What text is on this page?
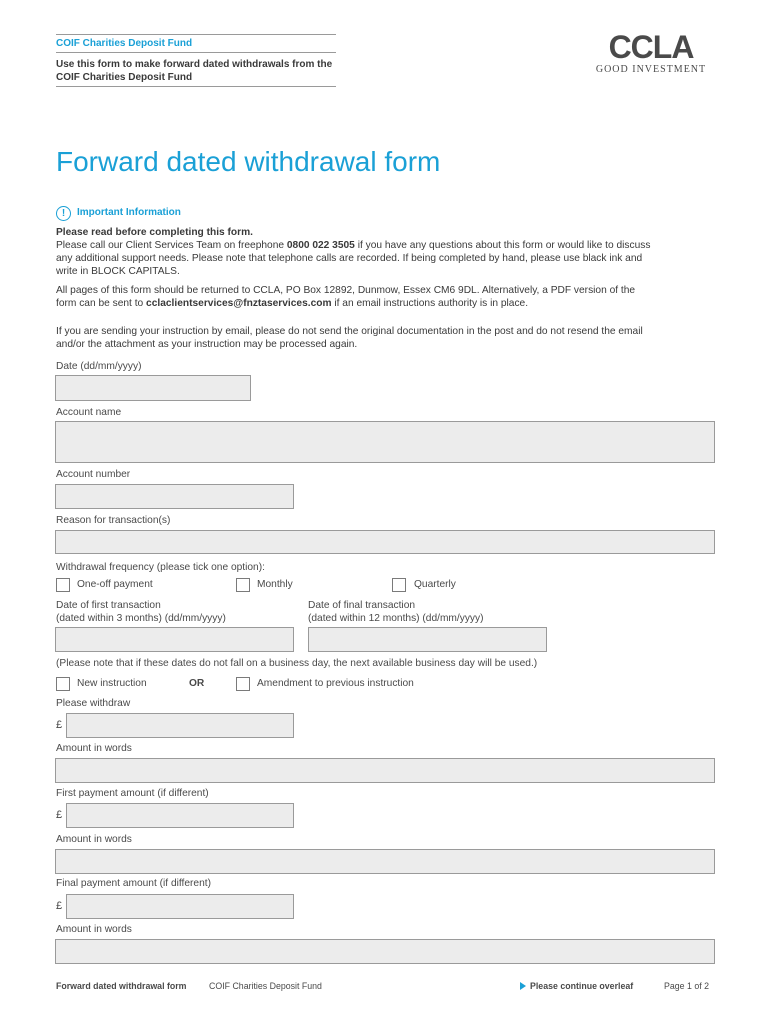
COIF Charities Deposit Fund
Use this form to make forward dated withdrawals from the COIF Charities Deposit Fund
CCLA
GOOD INVESTMENT
Forward dated withdrawal form
!	Important Information
Please read before completing this form.
Please call our Client Services Team on freephone 0800 022 3505 if you have any questions about this form or would like to discuss any additional support needs. Please note that telephone calls are recorded. If being completed by hand, please use black ink and write in BLOCK CAPITALS.
All pages of this form should be returned to CCLA, PO Box 12892, Dunmow, Essex CM6 9DL. Alternatively, a PDF version of the form can be sent to cclaclientservices@fnztaservices.com if an email instructions authority is in place.
If you are sending your instruction by email, please do not send the original documentation in the post and do not resend the email and/or the attachment as your instruction may be processed again.
Date (dd/mm/yyyy)
Account name
Account number
Reason for transaction(s)
Withdrawal frequency (please tick one option):
One-off payment	Monthly	Quarterly
Date of first transaction
(dated within 3 months) (dd/mm/yyyy)
Date of final transaction
(dated within 12 months) (dd/mm/yyyy)
(Please note that if these dates do not fall on a business day, the next available business day will be used.)
New instruction	OR	Amendment to previous instruction
Please withdraw
£
Amount in words
First payment amount (if different)
£
Amount in words
Final payment amount (if different)
£
Amount in words
Forward dated withdrawal form	COIF Charities Deposit Fund	Please continue overleaf	Page 1 of 2
